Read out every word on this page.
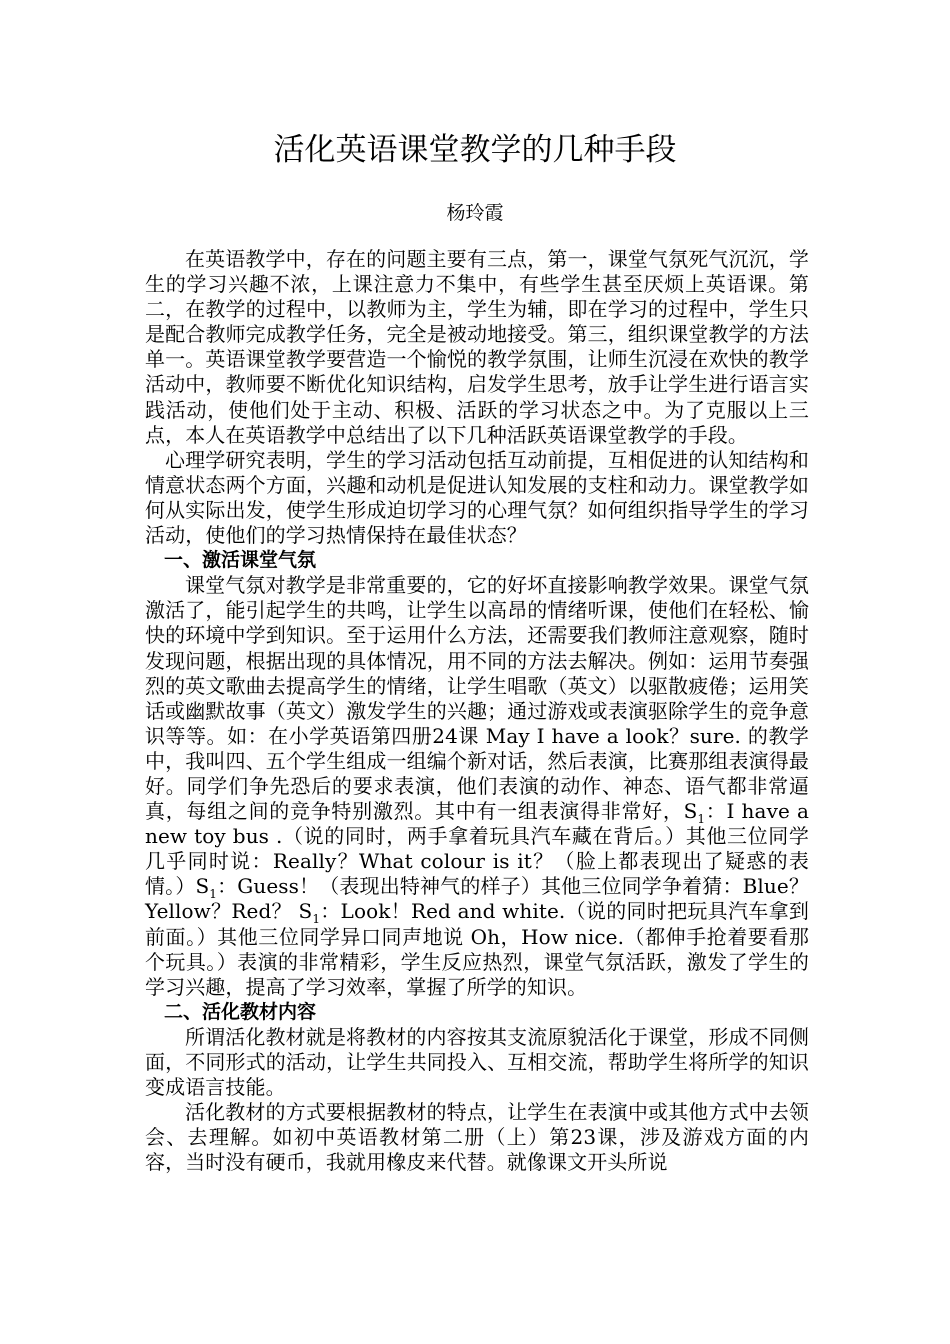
活化英语课堂教学的几种手段
杨玲霞

在英语教学中，存在的问题主要有三点，第一，课堂气氛死气沉沉，学生的学习兴趣不浓，上课注意力不集中，有些学生甚至厌烦上英语课。第二，在教学的过程中，以教师为主，学生为辅，即在学习的过程中，学生只是配合教师完成教学任务，完全是被动地接受。第三，组织课堂教学的方法单一。英语课堂教学要营造一个愉悦的教学氛围，让师生沉浸在欢快的教学活动中，教师要不断优化知识结构，启发学生思考，放手让学生进行语言实践活动，使他们处于主动、积极、活跃的学习状态之中。为了克服以上三点，本人在英语教学中总结出了以下几种活跃英语课堂教学的手段。

心理学研究表明，学生的学习活动包括互动前提，互相促进的认知结构和情意状态两个方面，兴趣和动机是促进认知发展的支柱和动力。课堂教学如何从实际出发，使学生形成迫切学习的心理气氛？如何组织指导学生的学习活动，使他们的学习热情保持在最佳状态？

一、激活课堂气氛

课堂气氛对教学是非常重要的，它的好坏直接影响教学效果。课堂气氛激活了，能引起学生的共鸣，让学生以高昂的情绪听课，使他们在轻松、愉快的环境中学到知识。至于运用什么方法，还需要我们教师注意观察，随时发现问题，根据出现的具体情况，用不同的方法去解决。例如：运用节奏强烈的英文歌曲去提高学生的情绪，让学生唱歌（英文）以驱散疲倦；运用笑话或幽默故事（英文）激发学生的兴趣；通过游戏或表演驱除学生的竞争意识等等。如：在小学英语第四册24课 May I have a look？sure. 的教学中，我叫四、五个学生组成一组编个新对话，然后表演，比赛那组表演得最好。同学们争先恐后的要求表演，他们表演的动作、神态、语气都非常逼真，每组之间的竞争特别激烈。其中有一组表演得非常好，$S_1$：I have a new toy bus .（说的同时，两手拿着玩具汽车藏在背后。）其他三位同学几乎同时说：Really？What colour is it？（脸上都表现出了疑惑的表情。）$S_1$：Guess！（表现出特神气的样子）其他三位同学争着猜：Blue？Yellow？Red？ $S_1$：Look！Red and white.（说的同时把玩具汽车拿到前面。）其他三位同学异口同声地说 Oh，How nice.（都伸手抢着要看那个玩具。）表演的非常精彩，学生反应热烈，课堂气氛活跃，激发了学生的学习兴趣，提高了学习效率，掌握了所学的知识。

二、活化教材内容

所谓活化教材就是将教材的内容按其支流原貌活化于课堂，形成不同侧面，不同形式的活动，让学生共同投入、互相交流，帮助学生将所学的知识变成语言技能。

活化教材的方式要根据教材的特点，让学生在表演中或其他方式中去领会、去理解。如初中英语教材第二册（上）第23课，涉及游戏方面的内容，当时没有硬币，我就用橡皮来代替。就像课文开头所说
